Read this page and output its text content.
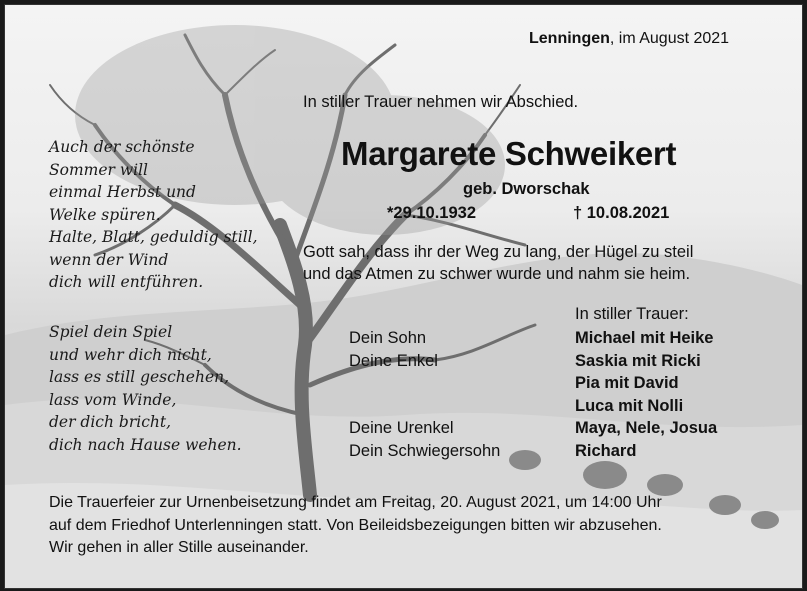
Lenningen, im August 2021
In stiller Trauer nehmen wir Abschied.
Margarete Schweikert
geb. Dworschak
*29.10.1932	† 10.08.2021
Gott sah, dass ihr der Weg zu lang, der Hügel zu steil
und das Atmen zu schwer wurde und nahm sie heim.
Auch der schönste
Sommer will
einmal Herbst und
Welke spüren.
Halte, Blatt, geduldig still,
wenn der Wind
dich will entführen.
Spiel dein Spiel
und wehr dich nicht,
lass es still geschehen,
lass vom Winde,
der dich bricht,
dich nach Hause wehen.
In stiller Trauer:
Dein Sohn
Deine Enkel
Deine Urenkel
Dein Schwiegersohn
Michael mit Heike
Saskia mit Ricki
Pia mit David
Luca mit Nolli
Maya, Nele, Josua
Richard
Die Trauerfeier zur Urnenbeisetzung findet am Freitag, 20. August 2021, um 14:00 Uhr
auf dem Friedhof Unterlenningen statt. Von Beileidsbezeigungen bitten wir abzusehen.
Wir gehen in aller Stille auseinander.
